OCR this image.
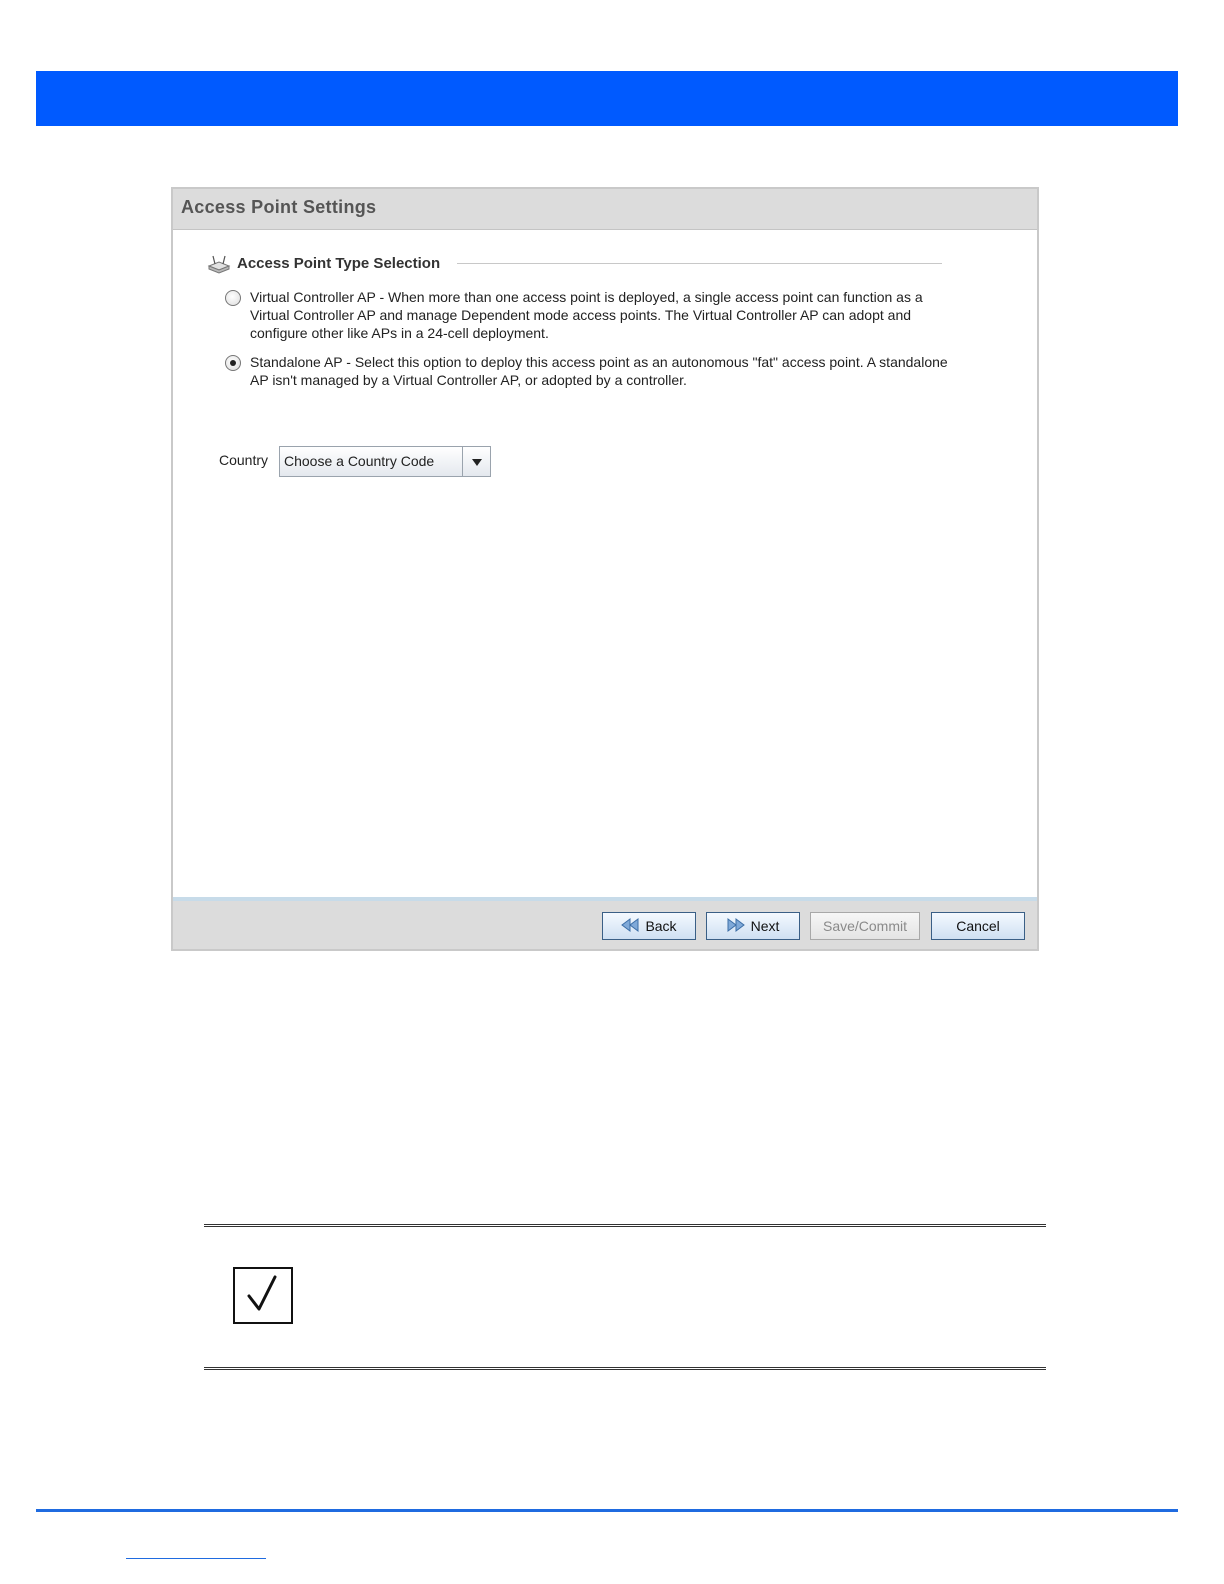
Access Point Settings
Access Point Type Selection
Virtual Controller AP - When more than one access point is deployed, a single access point can function as a Virtual Controller AP and manage Dependent mode access points. The Virtual Controller AP can adopt and configure other like APs in a 24-cell deployment.
Standalone AP - Select this option to deploy this access point as an autonomous "fat" access point. A standalone AP isn't managed by a Virtual Controller AP, or adopted by a controller.
Country Choose a Country Code
Back	Next	Save/Commit	Cancel
